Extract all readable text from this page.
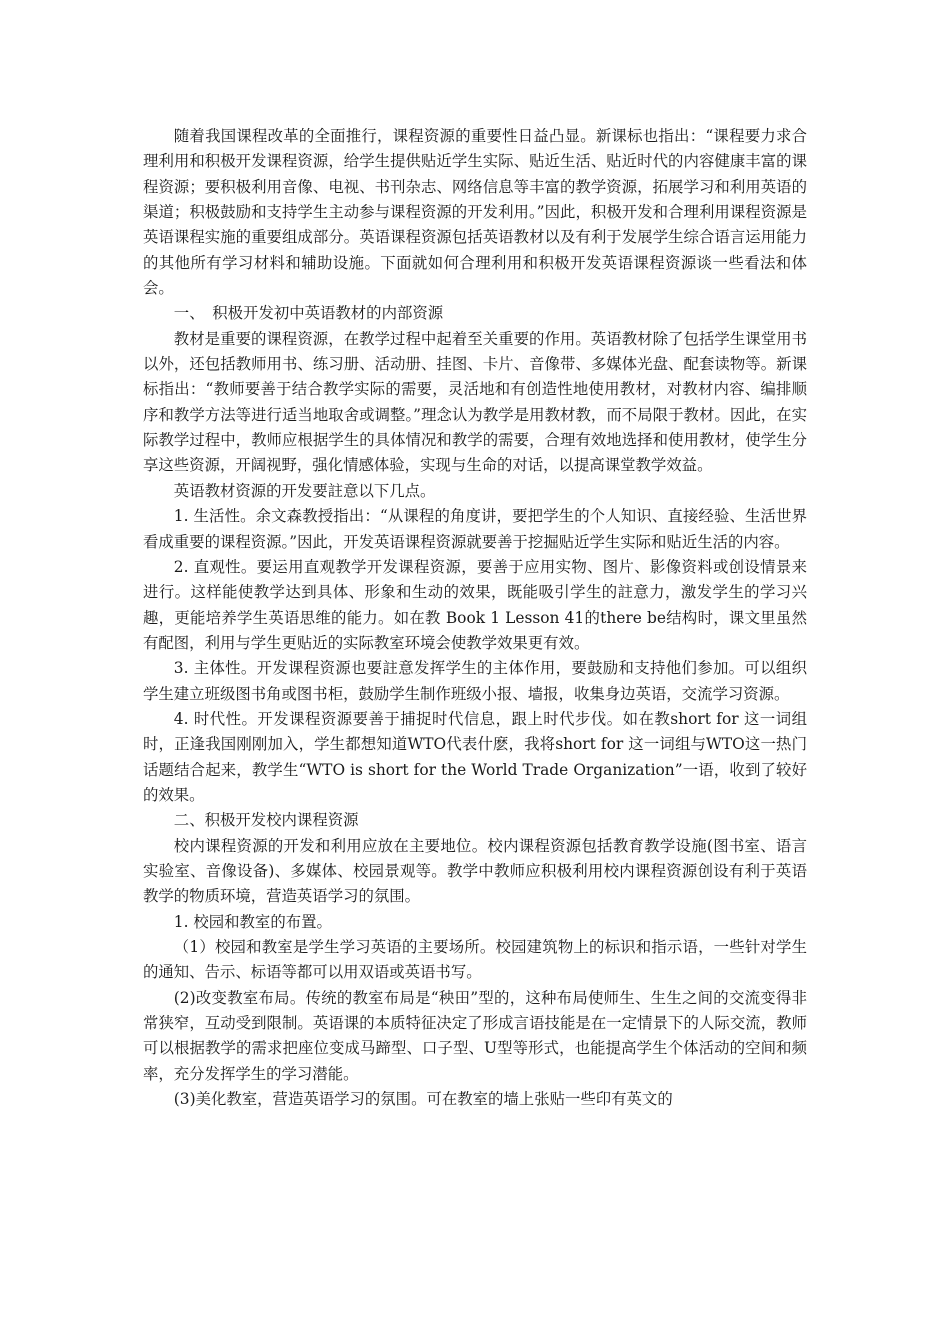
随着我国课程改革的全面推行，课程资源的重要性日益凸显。新课标也指出：“课程要力求合理利用和积极开发课程资源，给学生提供贴近学生实际、贴近生活、贴近时代的内容健康丰富的课程资源；要积极利用音像、电视、书刊杂志、网络信息等丰富的教学资源，拓展学习和利用英语的渠道；积极鼓励和支持学生主动参与课程资源的开发利用。”因此，积极开发和合理利用课程资源是英语课程实施的重要组成部分。英语课程资源包括英语教材以及有利于发展学生综合语言运用能力的其他所有学习材料和辅助设施。下面就如何合理利用和积极开发英语课程资源谈一些看法和体会。

一、　积极开发初中英语教材的内部资源

教材是重要的课程资源，在教学过程中起着至关重要的作用。英语教材除了包括学生课堂用书以外，还包括教师用书、练习册、活动册、挂图、卡片、音像带、多媒体光盘、配套读物等。新课标指出：“教师要善于结合教学实际的需要，灵活地和有创造性地使用教材，对教材内容、编排顺序和教学方法等进行适当地取舍或调整。”理念认为教学是用教材教，而不局限于教材。因此，在实际教学过程中，教师应根据学生的具体情况和教学的需要，合理有效地选择和使用教材，使学生分享这些资源，开阔视野，强化情感体验，实现与生命的对话，以提高课堂教学效益。

英语教材资源的开发要註意以下几点。

1. 生活性。余文森教授指出：“从课程的角度讲，要把学生的个人知识、直接经验、生活世界看成重要的课程资源。”因此，开发英语课程资源就要善于挖掘贴近学生实际和贴近生活的内容。

2. 直观性。要运用直观教学开发课程资源，要善于应用实物、图片、影像资料或创设情景来进行。这样能使教学达到具体、形象和生动的效果，既能吸引学生的註意力，激发学生的学习兴趣，更能培养学生英语思维的能力。如在教 Book 1 Lesson 41的there be结构时，课文里虽然有配图，利用与学生更贴近的实际教室环境会使教学效果更有效。

3. 主体性。开发课程资源也要註意发挥学生的主体作用，要鼓励和支持他们参加。可以组织学生建立班级图书角或图书柜，鼓励学生制作班级小报、墙报，收集身边英语，交流学习资源。

4. 时代性。开发课程资源要善于捕捉时代信息，跟上时代步伐。如在教short for 这一词组时，正逢我国刚刚加入，学生都想知道WTO代表什麽，我将short for 这一词组与WTO这一热门话题结合起来，教学生“WTO is short for the World Trade Organization”一语，收到了较好的效果。

二、积极开发校内课程资源

校内课程资源的开发和利用应放在主要地位。校内课程资源包括教育教学设施(图书室、语言实验室、音像设备)、多媒体、校园景观等。教学中教师应积极利用校内课程资源创设有利于英语教学的物质环境，营造英语学习的氛围。

1. 校园和教室的布置。

（1）校园和教室是学生学习英语的主要场所。校园建筑物上的标识和指示语，一些针对学生的通知、告示、标语等都可以用双语或英语书写。

(2)改变教室布局。传统的教室布局是“秧田”型的，这种布局使师生、生生之间的交流变得非常狭窄，互动受到限制。英语课的本质特征决定了形成言语技能是在一定情景下的人际交流，教师可以根据教学的需求把座位变成马蹄型、口子型、U型等形式，也能提高学生个体活动的空间和频率，充分发挥学生的学习潜能。

(3)美化教室，营造英语学习的氛围。可在教室的墙上张贴一些印有英文的
